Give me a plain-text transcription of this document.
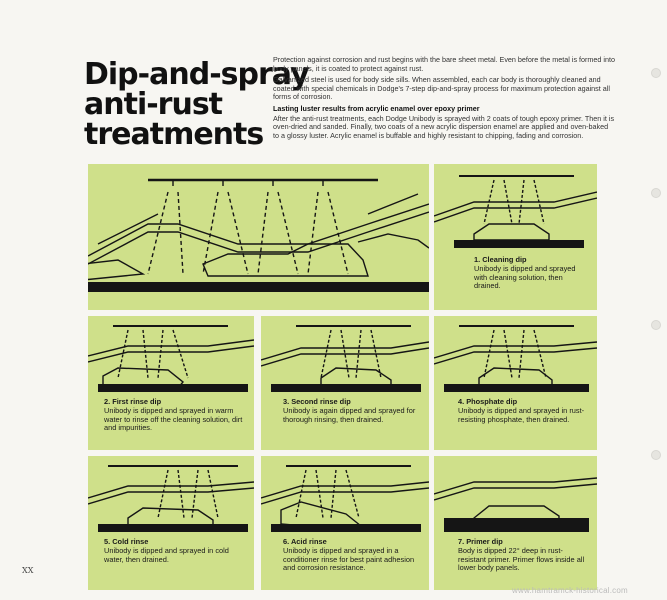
Dip-and-spray
anti-rust
treatments

Protection against corrosion and rust begins with the bare sheet metal. Even before the metal is formed into body panels, it is coated to protect against rust.

Galvanized steel is used for body side sills. When assembled, each car body is thoroughly cleaned and coated with special chemicals in Dodge's 7-step dip-and-spray process for maximum protection against all forms of corrosion.

Lasting luster results from acrylic enamel over epoxy primer

After the anti-rust treatments, each Dodge Unibody is sprayed with 2 coats of tough epoxy primer. Then it is oven-dried and sanded. Finally, two coats of a new acrylic dispersion enamel are applied and oven-baked to a glossy luster. Acrylic enamel is buffable and highly resistant to chipping, fading and corrosion.

1. Cleaning dip
Unibody is dipped and sprayed with cleaning solution, then drained.
2. First rinse dip
Unibody is dipped and sprayed in warm water to rinse off the cleaning solution, dirt and impurities.
3. Second rinse dip
Unibody is again dipped and sprayed for thorough rinsing, then drained.
4. Phosphate dip
Unibody is dipped and sprayed in rust-resisting phosphate, then drained.
5. Cold rinse
Unibody is dipped and sprayed in cold water, then drained.
6. Acid rinse
Unibody is dipped and sprayed in a conditioner rinse for best paint adhesion and corrosion resistance.
7. Primer dip
Body is dipped 22° deep in rust-resistant primer. Primer flows inside all lower body panels.
XX
www.hamtramck-historical.com
